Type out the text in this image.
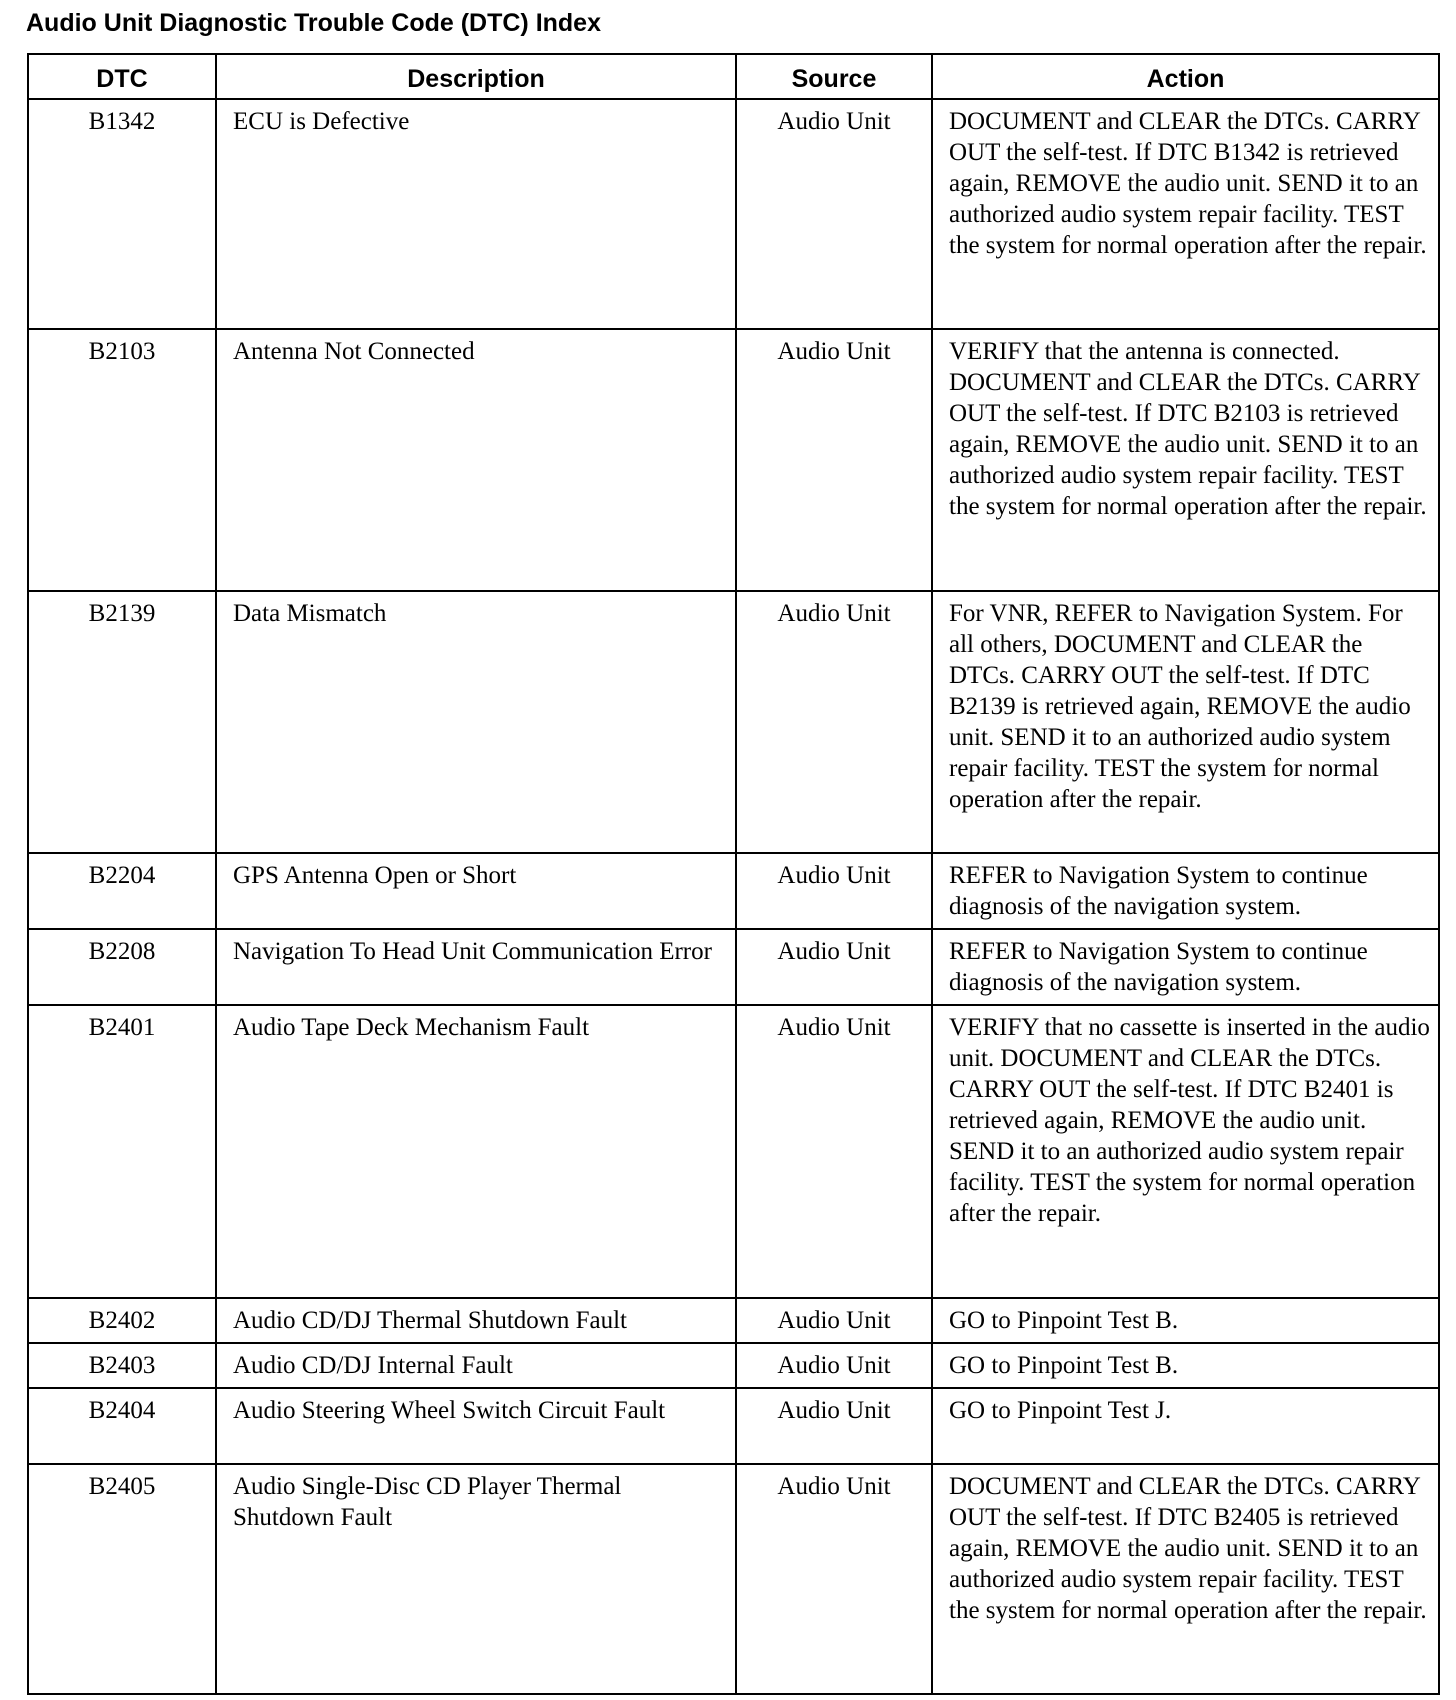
Audio Unit Diagnostic Trouble Code (DTC) Index
DTC	Description	Source	Action
B1342	ECU is Defective	Audio Unit	DOCUMENT and CLEAR the DTCs. CARRY OUT the self-test. If DTC B1342 is retrieved again, REMOVE the audio unit. SEND it to an authorized audio system repair facility. TEST the system for normal operation after the repair.
B2103	Antenna Not Connected	Audio Unit	VERIFY that the antenna is connected. DOCUMENT and CLEAR the DTCs. CARRY OUT the self-test. If DTC B2103 is retrieved again, REMOVE the audio unit. SEND it to an authorized audio system repair facility. TEST the system for normal operation after the repair.
B2139	Data Mismatch	Audio Unit	For VNR, REFER to Navigation System. For all others, DOCUMENT and CLEAR the DTCs. CARRY OUT the self-test. If DTC B2139 is retrieved again, REMOVE the audio unit. SEND it to an authorized audio system repair facility. TEST the system for normal operation after the repair.
B2204	GPS Antenna Open or Short	Audio Unit	REFER to Navigation System to continue diagnosis of the navigation system.
B2208	Navigation To Head Unit Communication Error	Audio Unit	REFER to Navigation System to continue diagnosis of the navigation system.
B2401	Audio Tape Deck Mechanism Fault	Audio Unit	VERIFY that no cassette is inserted in the audio unit. DOCUMENT and CLEAR the DTCs. CARRY OUT the self-test. If DTC B2401 is retrieved again, REMOVE the audio unit. SEND it to an authorized audio system repair facility. TEST the system for normal operation after the repair.
B2402	Audio CD/DJ Thermal Shutdown Fault	Audio Unit	GO to Pinpoint Test B.
B2403	Audio CD/DJ Internal Fault	Audio Unit	GO to Pinpoint Test B.
B2404	Audio Steering Wheel Switch Circuit Fault	Audio Unit	GO to Pinpoint Test J.
B2405	Audio Single-Disc CD Player Thermal Shutdown Fault	Audio Unit	DOCUMENT and CLEAR the DTCs. CARRY OUT the self-test. If DTC B2405 is retrieved again, REMOVE the audio unit. SEND it to an authorized audio system repair facility. TEST the system for normal operation after the repair.
